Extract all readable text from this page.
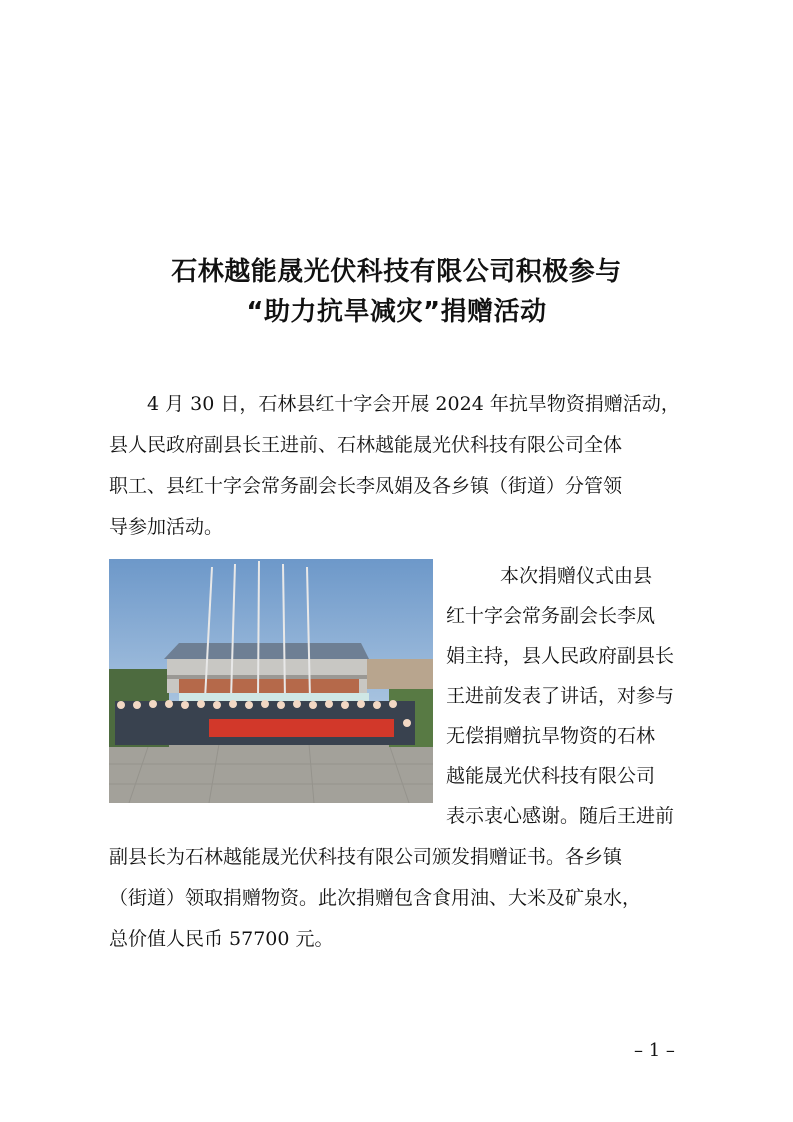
石林越能晟光伏科技有限公司积极参与
“助力抗旱减灾”捐赠活动
4 月 30 日，石林县红十字会开展 2024 年抗旱物资捐赠活动，
县人民政府副县长王进前、石林越能晟光伏科技有限公司全体
职工、县红十字会常务副会长李凤娟及各乡镇（街道）分管领
导参加活动。
本次捐赠仪式由县
红十字会常务副会长李凤
娟主持，县人民政府副县长
王进前发表了讲话，对参与
无偿捐赠抗旱物资的石林
越能晟光伏科技有限公司
表示衷心感谢。随后王进前
副县长为石林越能晟光伏科技有限公司颁发捐赠证书。各乡镇
（街道）领取捐赠物资。此次捐赠包含食用油、大米及矿泉水，
总价值人民币 57700 元。
– 1 –
